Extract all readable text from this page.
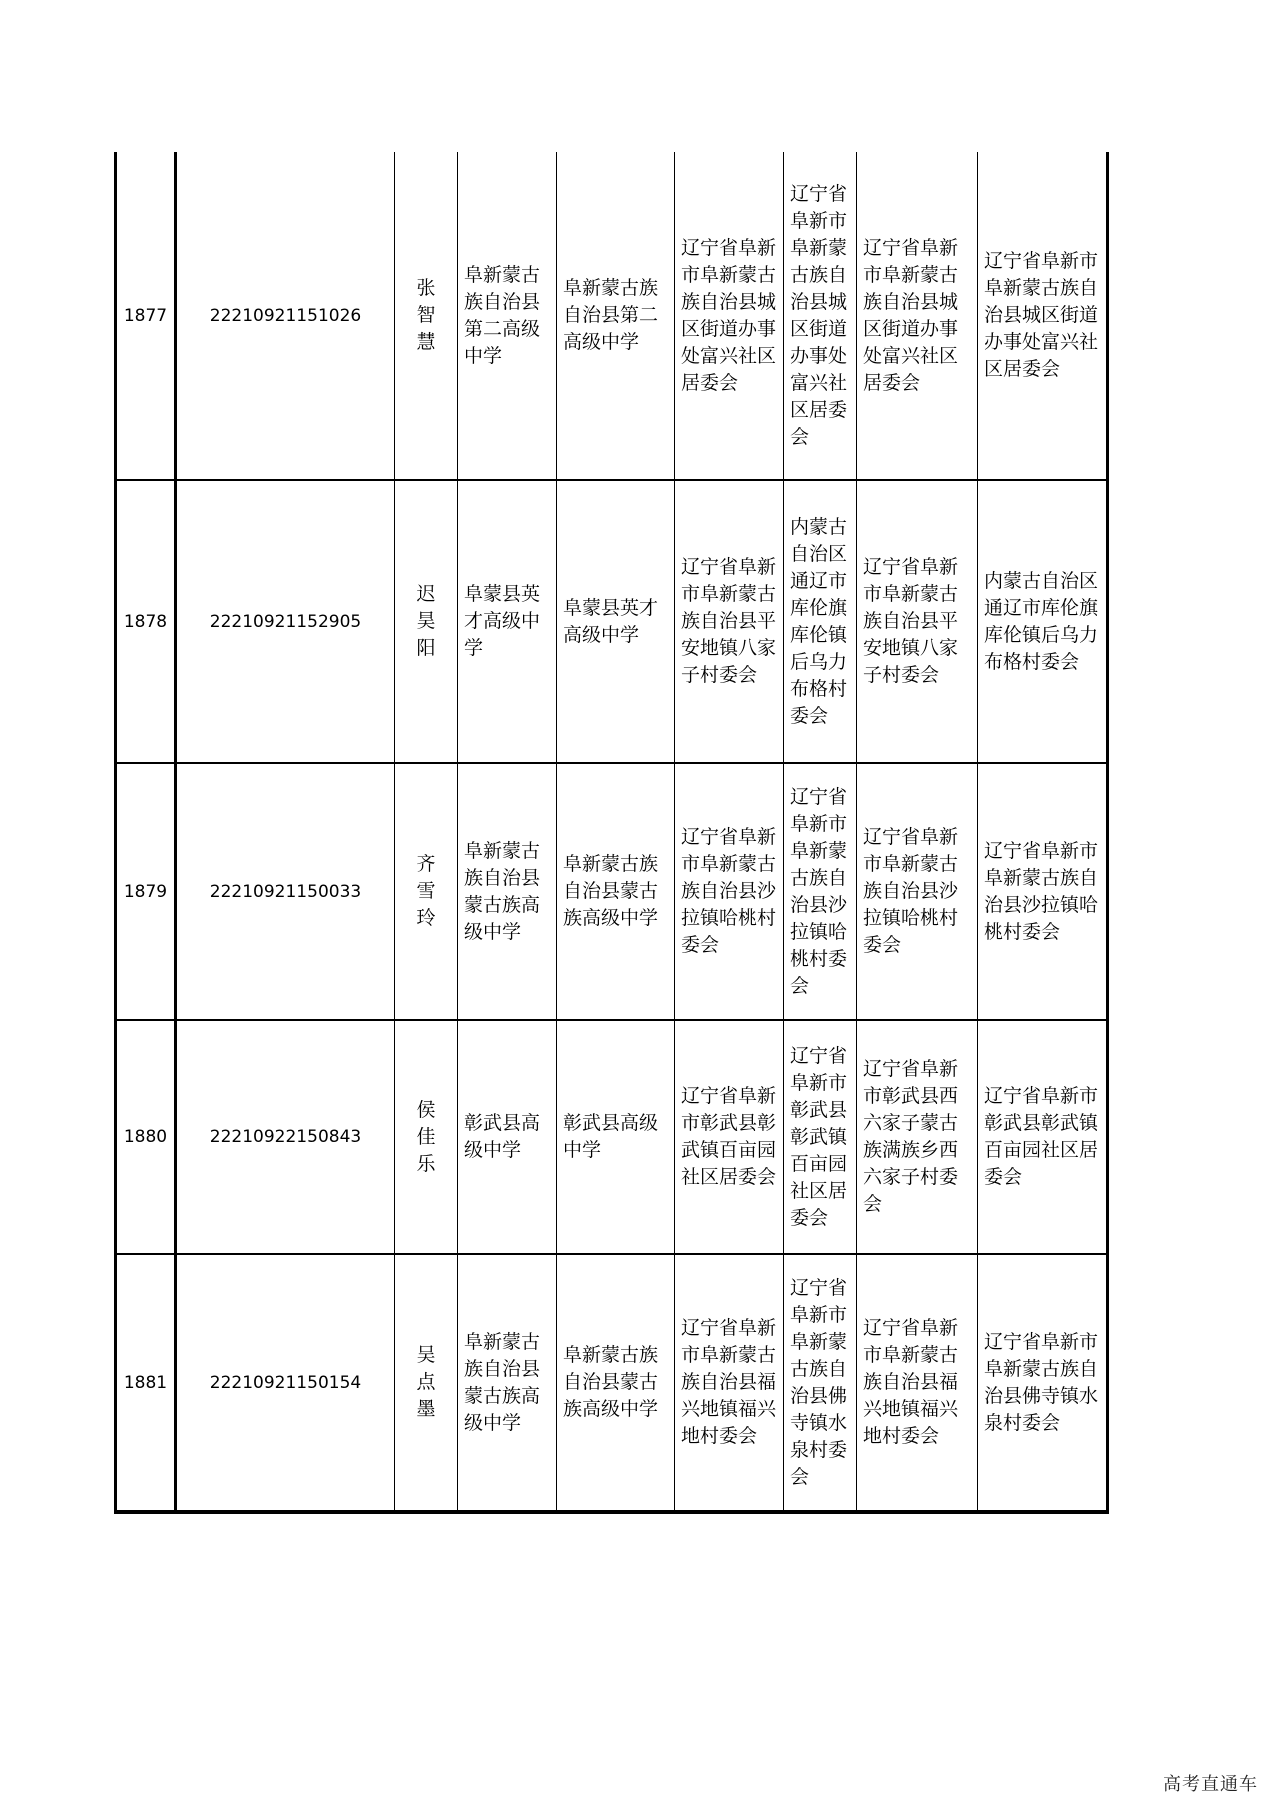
1877	22210921151026	张智慧	阜新蒙古族自治县第二高级中学	阜新蒙古族自治县第二高级中学	辽宁省阜新市阜新蒙古族自治县城区街道办事处富兴社区居委会	辽宁省阜新市阜新蒙古族自治县城区街道办事处富兴社区居委会	辽宁省阜新市阜新蒙古族自治县城区街道办事处富兴社区居委会	辽宁省阜新市阜新蒙古族自治县城区街道办事处富兴社区居委会
1878	22210921152905	迟昊阳	阜蒙县英才高级中学	阜蒙县英才高级中学	辽宁省阜新市阜新蒙古族自治县平安地镇八家子村委会	内蒙古自治区通辽市库伦旗库伦镇后乌力布格村委会	辽宁省阜新市阜新蒙古族自治县平安地镇八家子村委会	内蒙古自治区通辽市库伦旗库伦镇后乌力布格村委会
1879	22210921150033	齐雪玲	阜新蒙古族自治县蒙古族高级中学	阜新蒙古族自治县蒙古族高级中学	辽宁省阜新市阜新蒙古族自治县沙拉镇哈桃村委会	辽宁省阜新市阜新蒙古族自治县沙拉镇哈桃村委会	辽宁省阜新市阜新蒙古族自治县沙拉镇哈桃村委会	辽宁省阜新市阜新蒙古族自治县沙拉镇哈桃村委会
1880	22210922150843	侯佳乐	彰武县高级中学	彰武县高级中学	辽宁省阜新市彰武县彰武镇百亩园社区居委会	辽宁省阜新市彰武县彰武镇百亩园社区居委会	辽宁省阜新市彰武县西六家子蒙古族满族乡西六家子村委会	辽宁省阜新市彰武县彰武镇百亩园社区居委会
1881	22210921150154	吴点墨	阜新蒙古族自治县蒙古族高级中学	阜新蒙古族自治县蒙古族高级中学	辽宁省阜新市阜新蒙古族自治县福兴地镇福兴地村委会	辽宁省阜新市阜新蒙古族自治县佛寺镇水泉村委会	辽宁省阜新市阜新蒙古族自治县福兴地镇福兴地村委会	辽宁省阜新市阜新蒙古族自治县佛寺镇水泉村委会
高考直通车
